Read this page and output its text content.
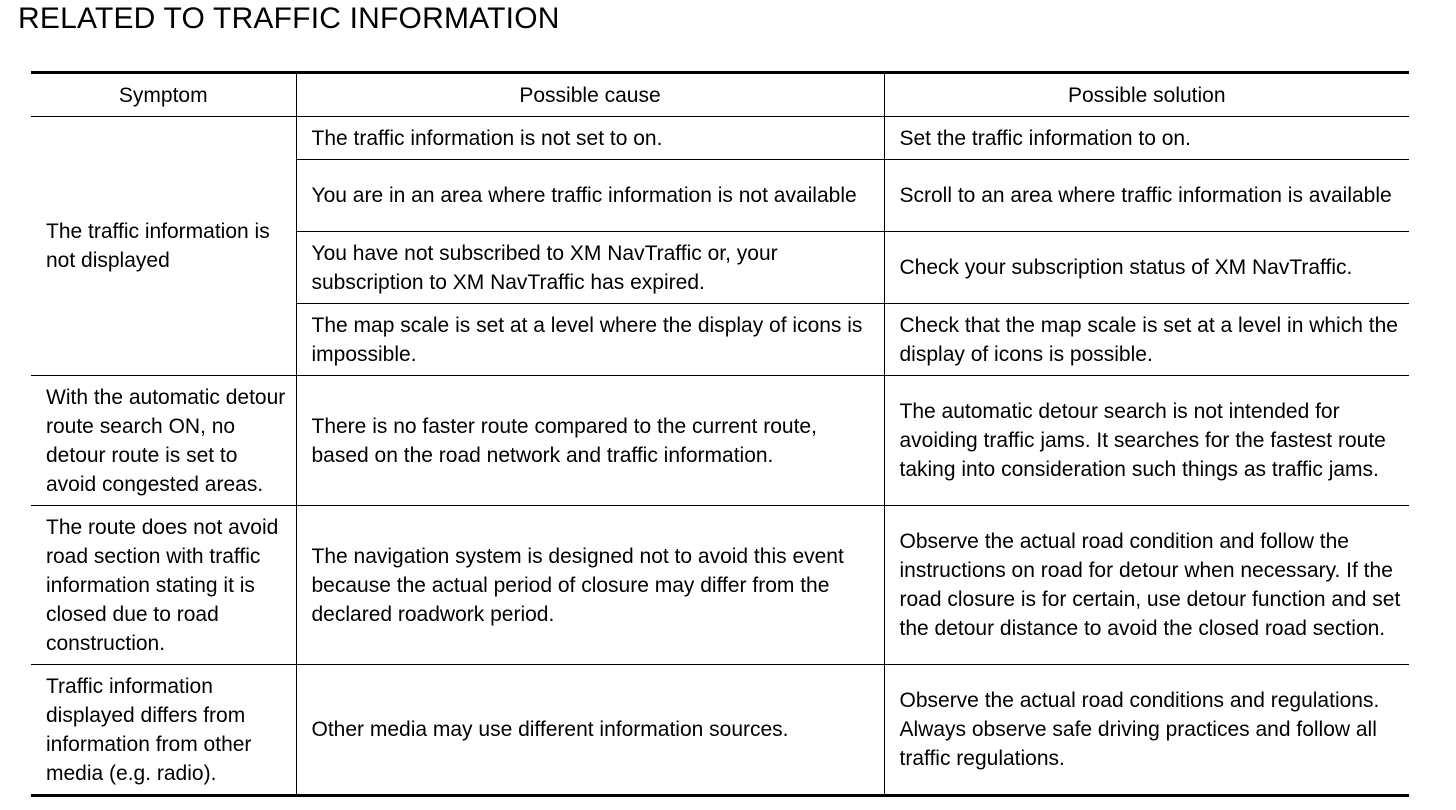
RELATED TO TRAFFIC INFORMATION
Symptom	Possible cause	Possible solution
The traffic information is not displayed	The traffic information is not set to on.	Set the traffic information to on.
	You are in an area where traffic information is not available	Scroll to an area where traffic information is available
	You have not subscribed to XM NavTraffic or, your subscription to XM NavTraffic has expired.	Check your subscription status of XM NavTraffic.
	The map scale is set at a level where the display of icons is impossible.	Check that the map scale is set at a level in which the display of icons is possible.
With the automatic detour route search ON, no detour route is set to avoid congested areas.	There is no faster route compared to the current route, based on the road network and traffic information.	The automatic detour search is not intended for avoiding traffic jams. It searches for the fastest route taking into consideration such things as traffic jams.
The route does not avoid road section with traffic information stating it is closed due to road construction.	The navigation system is designed not to avoid this event because the actual period of closure may differ from the declared roadwork period.	Observe the actual road condition and follow the instructions on road for detour when necessary. If the road closure is for certain, use detour function and set the detour distance to avoid the closed road section.
Traffic information displayed differs from information from other media (e.g. radio).	Other media may use different information sources.	Observe the actual road conditions and regulations. Always observe safe driving practices and follow all traffic regulations.
